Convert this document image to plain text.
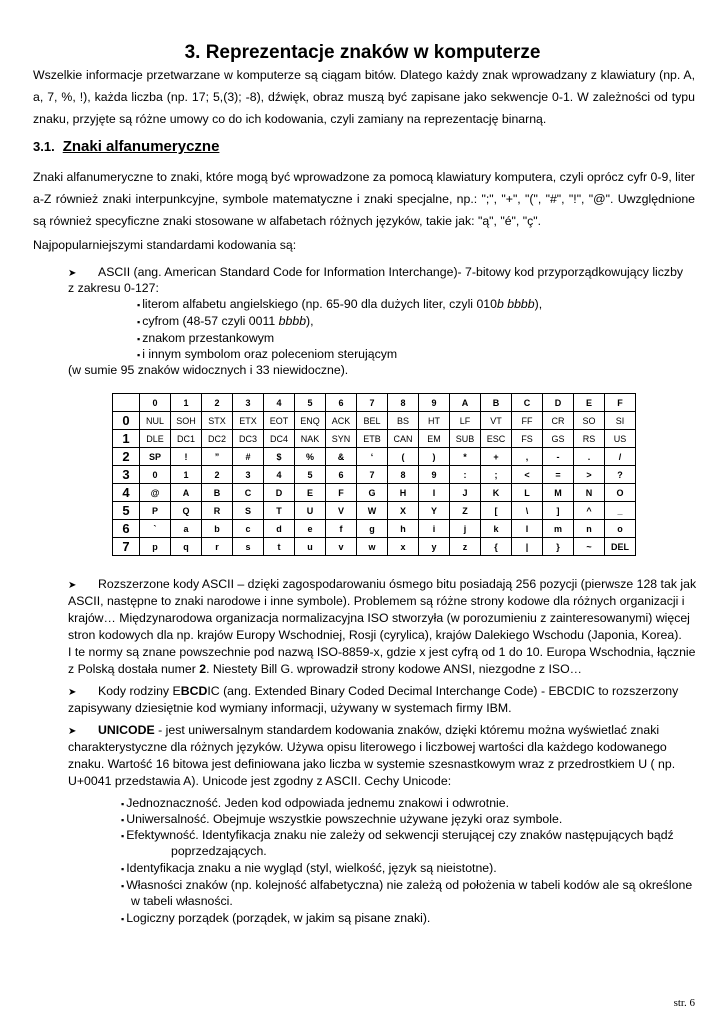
3. Reprezentacje znaków w komputerze
Wszelkie informacje przetwarzane w komputerze są ciągam bitów. Dlatego każdy znak wprowadzany z klawiatury (np. A, a, 7, %, !), każda liczba (np. 17; 5,(3); -8), dźwięk, obraz muszą być zapisane jako sekwencje 0-1. W zależności od typu znaku, przyjęte są różne umowy co do ich kodowania, czyli zamiany na reprezentację binarną.
3.1. Znaki alfanumeryczne
Znaki alfanumeryczne to znaki, które mogą być wprowadzone za pomocą klawiatury komputera, czyli oprócz cyfr 0-9, liter a-Z również znaki interpunkcyjne, symbole matematyczne i znaki specjalne, np.: ";", "+", "(", "#", "!", "@". Uwzględnione są również specyficzne znaki stosowane w alfabetach różnych języków, takie jak: "ą", "é", "ç".
Najpopularniejszymi standardami kodowania są:
➤ ASCII (ang. American Standard Code for Information Interchange)- 7-bitowy kod przyporządkowujący liczby
z zakresu 0-127:
▪ literom alfabetu angielskiego (np. 65-90 dla dużych liter, czyli 010b bbbb),
▪ cyfrom (48-57 czyli 0011 bbbb),
▪ znakom przestankowym
▪ i innym symbolom oraz poleceniom sterującym
(w sumie 95 znaków widocznych i 33 niewidoczne).
	0	1	2	3	4	5	6	7	8	9	A	B	C	D	E	F
0	NUL	SOH	STX	ETX	EOT	ENQ	ACK	BEL	BS	HT	LF	VT	FF	CR	SO	SI
1	DLE	DC1	DC2	DC3	DC4	NAK	SYN	ETB	CAN	EM	SUB	ESC	FS	GS	RS	US
2	SP	!	”	#	$	%	&	‘	(	)	*	+	,	-	.	/
3	0	1	2	3	4	5	6	7	8	9	:	;	<	=	>	?
4	@	A	B	C	D	E	F	G	H	I	J	K	L	M	N	O
5	P	Q	R	S	T	U	V	W	X	Y	Z	[	\	]	^	_
6	`	a	b	c	d	e	f	g	h	i	j	k	l	m	n	o
7	p	q	r	s	t	u	v	w	x	y	z	{	|	}	~	DEL
➤ Rozszerzone kody ASCII – dzięki zagospodarowaniu ósmego bitu posiadają 256 pozycji (pierwsze 128 tak jak
ASCII, następne to znaki narodowe i inne symbole). Problemem są różne strony kodowe dla różnych organizacji i
krajów… Międzynarodowa organizacja normalizacyjna ISO stworzyła (w porozumieniu z zainteresowanymi) więcej
stron kodowych dla np. krajów Europy Wschodniej, Rosji (cyrylica), krajów Dalekiego Wschodu (Japonia, Korea).
I te normy są znane powszechnie pod nazwą ISO-8859-x, gdzie x jest cyfrą od 1 do 10. Europa Wschodnia, łącznie
z Polską dostała numer 2. Niestety Bill G. wprowadził strony kodowe ANSI, niezgodne z ISO…
➤ Kody rodziny EBCDIC (ang. Extended Binary Coded Decimal Interchange Code) - EBCDIC to rozszerzony
zapisywany dziesiętnie kod wymiany informacji, używany w systemach firmy IBM.
➤ UNICODE - jest uniwersalnym standardem kodowania znaków, dzięki któremu można wyświetlać znaki
charakterystyczne dla różnych języków. Używa opisu literowego i liczbowej wartości dla każdego kodowanego
znaku. Wartość 16 bitowa jest definiowana jako liczba w systemie szesnastkowym wraz z przedrostkiem U ( np.
U+0041 przedstawia A). Unicode jest zgodny z ASCII. Cechy Unicode:
▪ Jednoznaczność. Jeden kod odpowiada jednemu znakowi i odwrotnie.
▪ Uniwersalność. Obejmuje wszystkie powszechnie używane języki oraz symbole.
▪ Efektywność. Identyfikacja znaku nie zależy od sekwencji sterującej czy znaków następujących bądź
poprzedzających.
▪ Identyfikacja znaku a nie wygląd (styl, wielkość, język są nieistotne).
▪ Własności znaków (np. kolejność alfabetyczna) nie zależą od położenia w tabeli kodów ale są określone
w tabeli własności.
▪ Logiczny porządek (porządek, w jakim są pisane znaki).
str. 6
